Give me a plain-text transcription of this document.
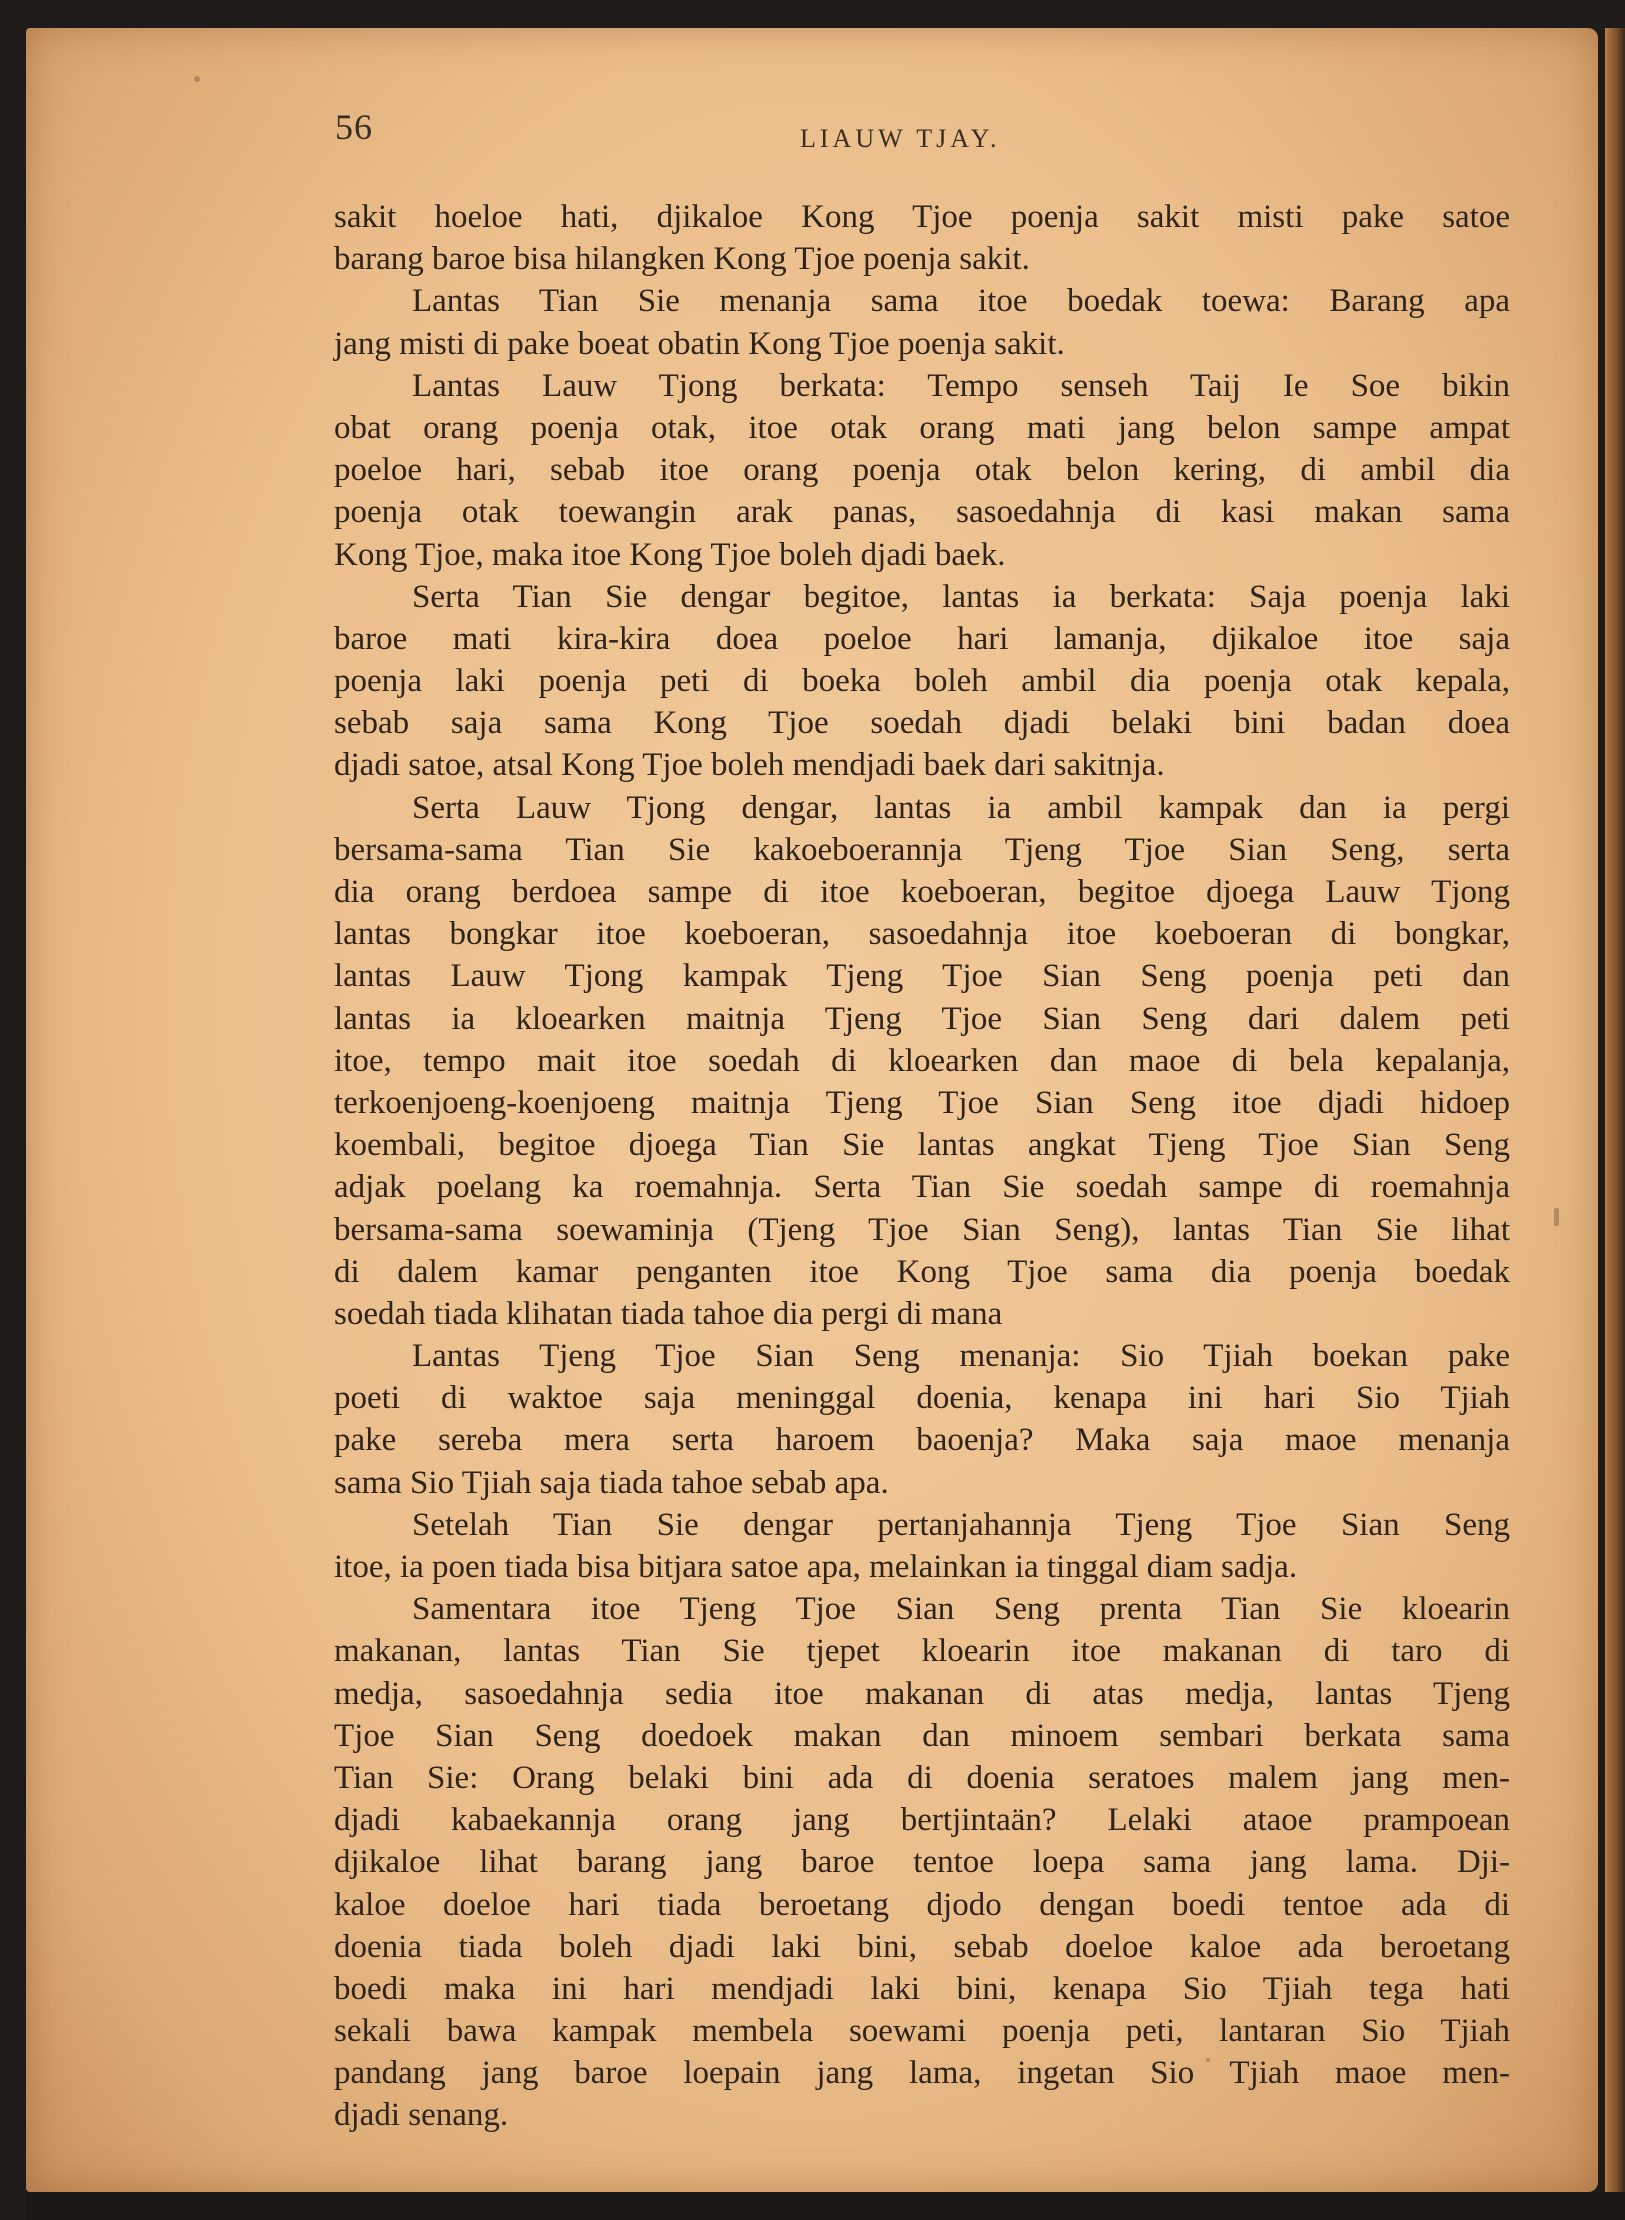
56	LIAUW TJAY.
sakit hoeloe hati, djikaloe Kong Tjoe poenja sakit misti pake satoe
barang baroe bisa hilangken Kong Tjoe poenja sakit.
Lantas Tian Sie menanja sama itoe boedak toewa: Barang apa
jang misti di pake boeat obatin Kong Tjoe poenja sakit.
Lantas Lauw Tjong berkata: Tempo senseh Taij Ie Soe bikin
obat orang poenja otak, itoe otak orang mati jang belon sampe ampat
poeloe hari, sebab itoe orang poenja otak belon kering, di ambil dia
poenja otak toewangin arak panas, sasoedahnja di kasi makan sama
Kong Tjoe, maka itoe Kong Tjoe boleh djadi baek.
Serta Tian Sie dengar begitoe, lantas ia berkata: Saja poenja laki
baroe mati kira-kira doea poeloe hari lamanja, djikaloe itoe saja
poenja laki poenja peti di boeka boleh ambil dia poenja otak kepala,
sebab saja sama Kong Tjoe soedah djadi belaki bini badan doea
djadi satoe, atsal Kong Tjoe boleh mendjadi baek dari sakitnja.
Serta Lauw Tjong dengar, lantas ia ambil kampak dan ia pergi
bersama-sama Tian Sie kakoeboerannja Tjeng Tjoe Sian Seng, serta
dia orang berdoea sampe di itoe koeboeran, begitoe djoega Lauw Tjong
lantas bongkar itoe koeboeran, sasoedahnja itoe koeboeran di bongkar,
lantas Lauw Tjong kampak Tjeng Tjoe Sian Seng poenja peti dan
lantas ia kloearken maitnja Tjeng Tjoe Sian Seng dari dalem peti
itoe, tempo mait itoe soedah di kloearken dan maoe di bela kepalanja,
terkoenjoeng-koenjoeng maitnja Tjeng Tjoe Sian Seng itoe djadi hidoep
koembali, begitoe djoega Tian Sie lantas angkat Tjeng Tjoe Sian Seng
adjak poelang ka roemahnja. Serta Tian Sie soedah sampe di roemahnja
bersama-sama soewaminja (Tjeng Tjoe Sian Seng), lantas Tian Sie lihat
di dalem kamar penganten itoe Kong Tjoe sama dia poenja boedak
soedah tiada klihatan tiada tahoe dia pergi di mana
Lantas Tjeng Tjoe Sian Seng menanja: Sio Tjiah boekan pake
poeti di waktoe saja meninggal doenia, kenapa ini hari Sio Tjiah
pake sereba mera serta haroem baoenja? Maka saja maoe menanja
sama Sio Tjiah saja tiada tahoe sebab apa.
Setelah Tian Sie dengar pertanjahannja Tjeng Tjoe Sian Seng
itoe, ia poen tiada bisa bitjara satoe apa, melainkan ia tinggal diam sadja.
Samentara itoe Tjeng Tjoe Sian Seng prenta Tian Sie kloearin
makanan, lantas Tian Sie tjepet kloearin itoe makanan di taro di
medja, sasoedahnja sedia itoe makanan di atas medja, lantas Tjeng
Tjoe Sian Seng doedoek makan dan minoem sembari berkata sama
Tian Sie: Orang belaki bini ada di doenia seratoes malem jang men-
djadi kabaekannja orang jang bertjintaän? Lelaki ataoe prampoean
djikaloe lihat barang jang baroe tentoe loepa sama jang lama. Dji-
kaloe doeloe hari tiada beroetang djodo dengan boedi tentoe ada di
doenia tiada boleh djadi laki bini, sebab doeloe kaloe ada beroetang
boedi maka ini hari mendjadi laki bini, kenapa Sio Tjiah tega hati
sekali bawa kampak membela soewami poenja peti, lantaran Sio Tjiah
pandang jang baroe loepain jang lama, ingetan Sio Tjiah maoe men-
djadi senang.
